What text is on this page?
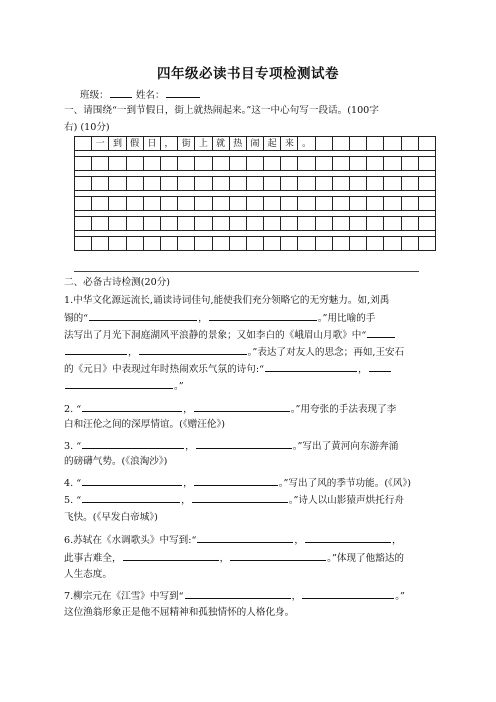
四年级必读书目专项检测试卷
班级：	姓名：
一、请围绕“一到节假日，街上就热闹起来。”这一中心句写一段话。(100字
右) (10分)
一 到 假 日 ， 街 上 就 热 闹 起 来 。
二、必备古诗检测(20分)
1.中华文化源远流长,诵读诗词佳句,能使我们充分领略它的无穷魅力。如,刘禹
锡的“	，	。”用比喻的手
法写出了月光下洞庭湖风平浪静的景象；又如李白的《峨眉山月歌》中“
，	。”表达了对友人的思念；再如,王安石
的《元日》中表现过年时热闹欢乐气氛的诗句:“	，
。”
2. “	，	。”用夸张的手法表现了李
白和汪伦之间的深厚情谊。(《赠汪伦》)
3. “	，	。”写出了黄河向东游奔涌
的磅礴气势。(《浪淘沙》)
4. “	，	。”写出了风的季节功能。(《风》)
5. “	，	。”诗人以山影猿声烘托行舟
飞快。(《早发白帝城》)
6.苏轼在《水调歌头》中写到:“	，	，
此事古难全，	，	。”体现了他豁达的
人生态度。
7.柳宗元在《江雪》中写到“	，	。”
这位渔翁形象正是他不屈精神和孤独情怀的人格化身。
